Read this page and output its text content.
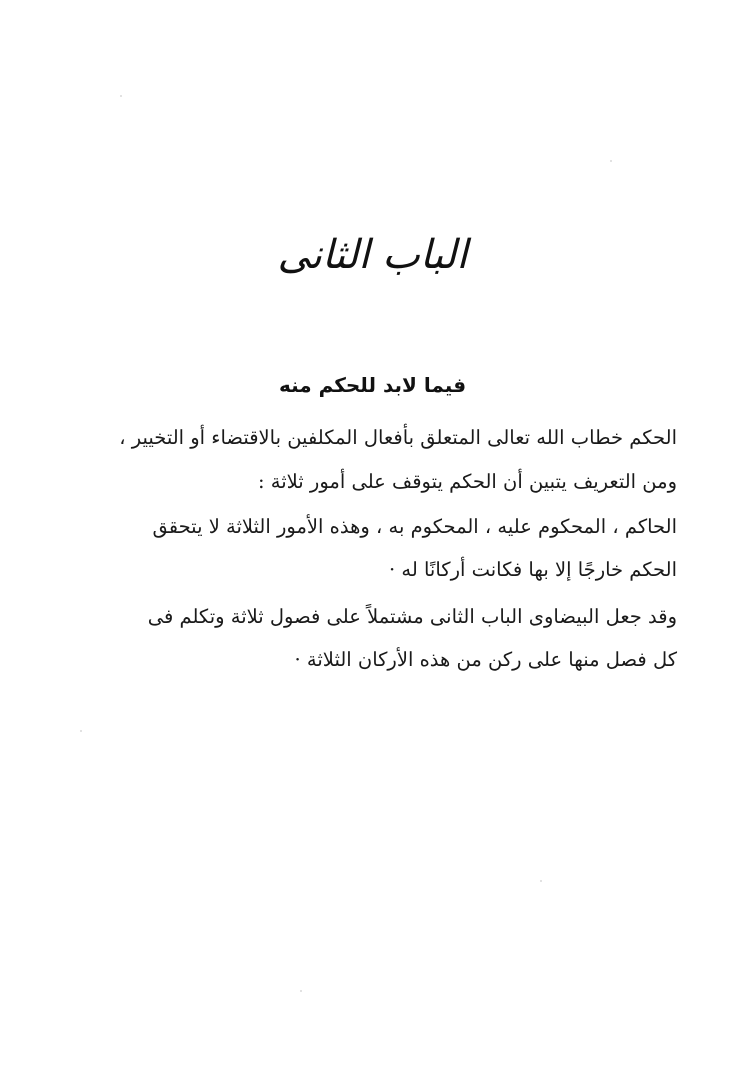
الباب الثانى
فيما لابد للحكم منه
الحكم خطاب الله تعالى المتعلق بأفعال المكلفين بالاقتضاء أو التخيير ،
ومن التعريف يتبين أن الحكم يتوقف على أمور ثلاثة :
الحاكم ، المحكوم عليه ، المحكوم به ، وهذه الأمور الثلاثة لا يتحقق
الحكم خارجًا إلا بها فكانت أركانًا له ·
وقد جعل البيضاوى الباب الثانى مشتملاً على فصول ثلاثة وتكلم فى
كل فصل منها على ركن من هذه الأركان الثلاثة ·
